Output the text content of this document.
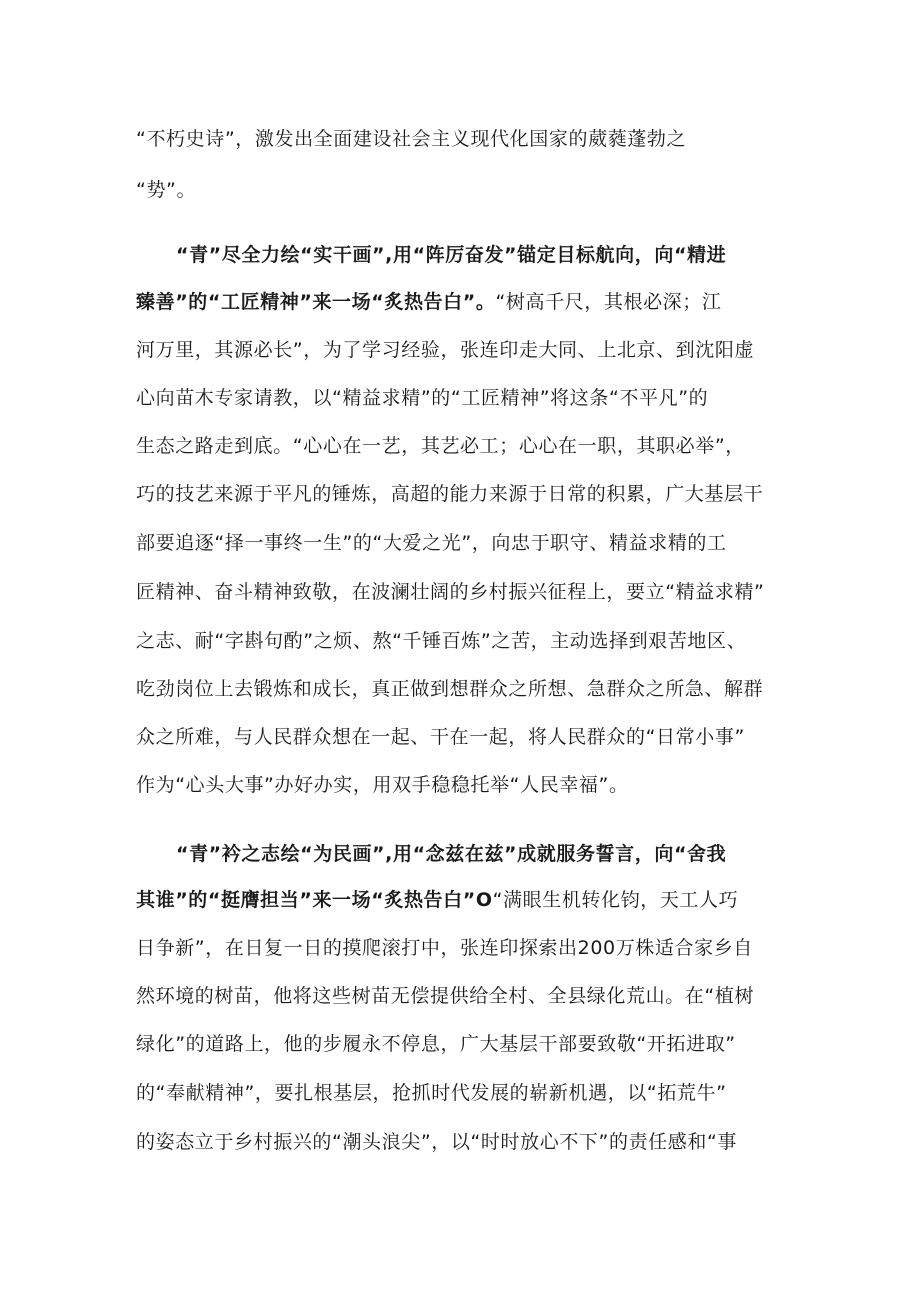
“不朽史诗”，激发出全面建设社会主义现代化国家的葳蕤蓬勃之
“势”。
“青”尽全力绘“实干画”,用“阵厉奋发”锚定目标航向，向“精进
臻善”的“工匠精神”来一场“炙热告白”。“树高千尺，其根必深；江
河万里，其源必长”，为了学习经验，张连印走大同、上北京、到沈阳虚
心向苗木专家请教，以“精益求精”的“工匠精神”将这条“不平凡”的
生态之路走到底。“心心在一艺，其艺必工；心心在一职，其职必举”，
巧的技艺来源于平凡的锤炼，高超的能力来源于日常的积累，广大基层干
部要追逐“择一事终一生”的“大爱之光”，向忠于职守、精益求精的工
匠精神、奋斗精神致敬，在波澜壮阔的乡村振兴征程上，要立“精益求精”
之志、耐“字斟句酌”之烦、熬“千锤百炼”之苦，主动选择到艰苦地区、
吃劲岗位上去锻炼和成长，真正做到想群众之所想、急群众之所急、解群
众之所难，与人民群众想在一起、干在一起，将人民群众的“日常小事”
作为“心头大事”办好办实，用双手稳稳托举“人民幸福”。
“青”衿之志绘“为民画”,用“念兹在兹”成就服务誓言，向“舍我
其谁”的“挺膺担当”来一场“炙热告白”O“满眼生机转化钧，天工人巧
日争新”，在日复一日的摸爬滚打中，张连印探索出200万株适合家乡自
然环境的树苗，他将这些树苗无偿提供给全村、全县绿化荒山。在“植树
绿化”的道路上，他的步履永不停息，广大基层干部要致敬“开拓进取”
的“奉献精神”，要扎根基层，抢抓时代发展的崭新机遇，以“拓荒牛”
的姿态立于乡村振兴的“潮头浪尖”，以“时时放心不下”的责任感和“事
